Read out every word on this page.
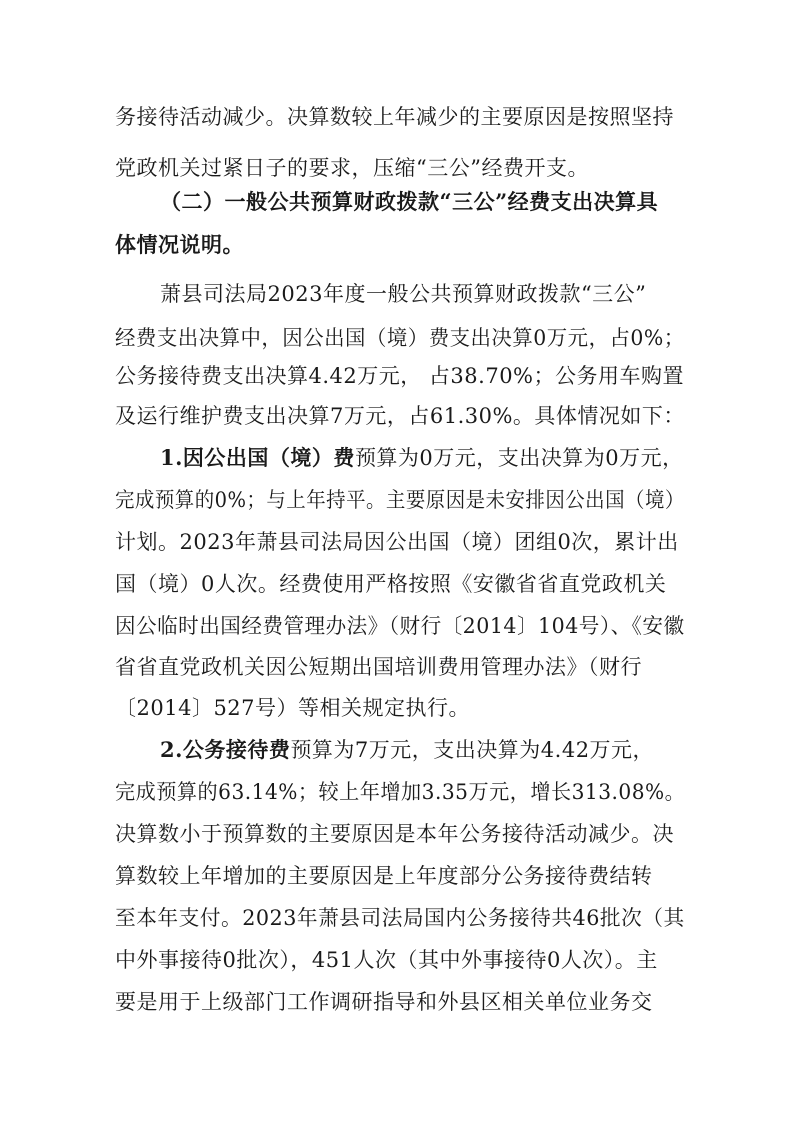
务接待活动减少。决算数较上年减少的主要原因是按照坚持
党政机关过紧日子的要求，压缩“三公”经费开支。
（二）一般公共预算财政拨款“三公”经费支出决算具
体情况说明。
萧县司法局2023年度一般公共预算财政拨款“三公”
经费支出决算中，因公出国（境）费支出决算0万元，占0%；
公务接待费支出决算4.42万元， 占38.70%；公务用车购置
及运行维护费支出决算7万元，占61.30%。具体情况如下：
1.因公出国（境）费预算为0万元，支出决算为0万元，
完成预算的0%；与上年持平。主要原因是未安排因公出国（境）
计划。2023年萧县司法局因公出国（境）团组0次，累计出
国（境）0人次。经费使用严格按照《安徽省省直党政机关
因公临时出国经费管理办法》（财行〔2014〕104号）、《安徽
省省直党政机关因公短期出国培训费用管理办法》（财行
〔2014〕527号）等相关规定执行。
2.公务接待费预算为7万元，支出决算为4.42万元，
完成预算的63.14%；较上年增加3.35万元，增长313.08%。
决算数小于预算数的主要原因是本年公务接待活动减少。决
算数较上年增加的主要原因是上年度部分公务接待费结转
至本年支付。2023年萧县司法局国内公务接待共46批次（其
中外事接待0批次），451人次（其中外事接待0人次）。主
要是用于上级部门工作调研指导和外县区相关单位业务交
